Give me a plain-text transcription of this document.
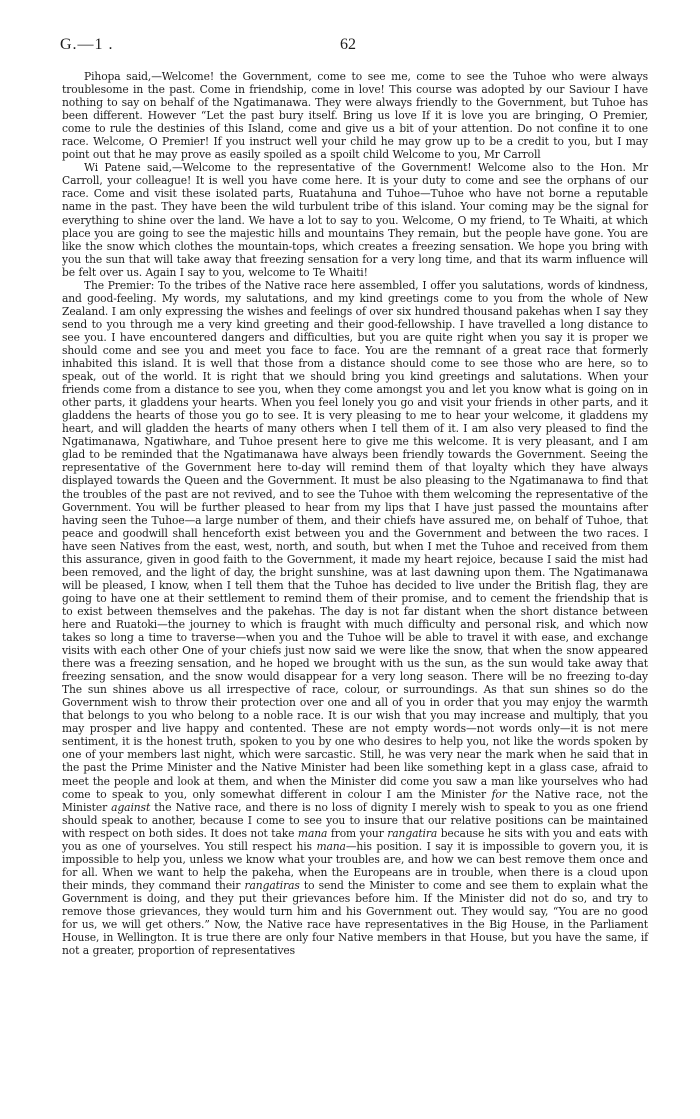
G.—1 .	62

Pihopa said,—Welcome! the Government, come to see me, come to see the Tuhoe who were always troublesome in the past. Come in friendship, come in love! This course was adopted by our Saviour I have nothing to say on behalf of the Ngatimanawa. They were always friendly to the Government, but Tuhoe has been different. However “Let the past bury itself. Bring us love If it is love you are bringing, O Premier, come to rule the destinies of this Island, come and give us a bit of your attention. Do not confine it to one race. Welcome, O Premier! If you instruct well your child he may grow up to be a credit to you, but I may point out that he may prove as easily spoiled as a spoilt child Welcome to you, Mr Carroll

Wi Patene said,—Welcome to the representative of the Government! Welcome also to the Hon. Mr Carroll, your colleague! It is well you have come here. It is your duty to come and see the orphans of our race. Come and visit these isolated parts, Ruatahuna and Tuhoe—Tuhoe who have not borne a reputable name in the past. They have been the wild turbulent tribe of this island. Your coming may be the signal for everything to shine over the land. We have a lot to say to you. Welcome, O my friend, to Te Whaiti, at which place you are going to see the majestic hills and mountains They remain, but the people have gone. You are like the snow which clothes the mountain-tops, which creates a freezing sensation. We hope you bring with you the sun that will take away that freezing sensation for a very long time, and that its warm influence will be felt over us. Again I say to you, welcome to Te Whaiti!

The Premier: To the tribes of the Native race here assembled, I offer you salutations, words of kindness, and good-feeling. My words, my salutations, and my kind greetings come to you from the whole of New Zealand. I am only expressing the wishes and feelings of over six hundred thousand pakehas when I say they send to you through me a very kind greeting and their good-fellowship. I have travelled a long distance to see you. I have encountered dangers and difficulties, but you are quite right when you say it is proper we should come and see you and meet you face to face. You are the remnant of a great race that formerly inhabited this island. It is well that those from a distance should come to see those who are here, so to speak, out of the world. It is right that we should bring you kind greetings and salutations. When your friends come from a distance to see you, when they come amongst you and let you know what is going on in other parts, it gladdens your hearts. When you feel lonely you go and visit your friends in other parts, and it gladdens the hearts of those you go to see. It is very pleasing to me to hear your welcome, it gladdens my heart, and will gladden the hearts of many others when I tell them of it. I am also very pleased to find the Ngatimanawa, Ngatiwhare, and Tuhoe present here to give me this welcome. It is very pleasant, and I am glad to be reminded that the Ngatimanawa have always been friendly towards the Government. Seeing the representative of the Government here to-day will remind them of that loyalty which they have always displayed towards the Queen and the Government. It must be also pleasing to the Ngatimanawa to find that the troubles of the past are not revived, and to see the Tuhoe with them welcoming the representative of the Government. You will be further pleased to hear from my lips that I have just passed the mountains after having seen the Tuhoe—a large number of them, and their chiefs have assured me, on behalf of Tuhoe, that peace and goodwill shall henceforth exist between you and the Government and between the two races. I have seen Natives from the east, west, north, and south, but when I met the Tuhoe and received from them this assurance, given in good faith to the Government, it made my heart rejoice, because I said the mist had been removed, and the light of day, the bright sunshine, was at last dawning upon them. The Ngatimanawa will be pleased, I know, when I tell them that the Tuhoe has decided to live under the British flag, they are going to have one at their settlement to remind them of their promise, and to cement the friendship that is to exist between themselves and the pakehas. The day is not far distant when the short distance between here and Ruatoki—the journey to which is fraught with much difficulty and personal risk, and which now takes so long a time to traverse—when you and the Tuhoe will be able to travel it with ease, and exchange visits with each other One of your chiefs just now said we were like the snow, that when the snow appeared there was a freezing sensation, and he hoped we brought with us the sun, as the sun would take away that freezing sensation, and the snow would disappear for a very long season. There will be no freezing to-day The sun shines above us all irrespective of race, colour, or surroundings. As that sun shines so do the Government wish to throw their protection over one and all of you in order that you may enjoy the warmth that belongs to you who belong to a noble race. It is our wish that you may increase and multiply, that you may prosper and live happy and contented. These are not empty words—not words only—it is not mere sentiment, it is the honest truth, spoken to you by one who desires to help you, not like the words spoken by one of your members last night, which were sarcastic. Still, he was very near the mark when he said that in the past the Prime Minister and the Native Minister had been like something kept in a glass case, afraid to meet the people and look at them, and when the Minister did come you saw a man like yourselves who had come to speak to you, only somewhat different in colour I am the Minister for the Native race, not the Minister against the Native race, and there is no loss of dignity I merely wish to speak to you as one friend should speak to another, because I come to see you to insure that our relative positions can be maintained with respect on both sides. It does not take mana from your rangatira because he sits with you and eats with you as one of yourselves. You still respect his mana—his position. I say it is impossible to govern you, it is impossible to help you, unless we know what your troubles are, and how we can best remove them once and for all. When we want to help the pakeha, when the Europeans are in trouble, when there is a cloud upon their minds, they command their rangatiras to send the Minister to come and see them to explain what the Government is doing, and they put their grievances before him. If the Minister did not do so, and try to remove those grievances, they would turn him and his Government out. They would say, “You are no good for us, we will get others.” Now, the Native race have representatives in the Big House, in the Parliament House, in Wellington. It is true there are only four Native members in that House, but you have the same, if not a greater, proportion of representatives
